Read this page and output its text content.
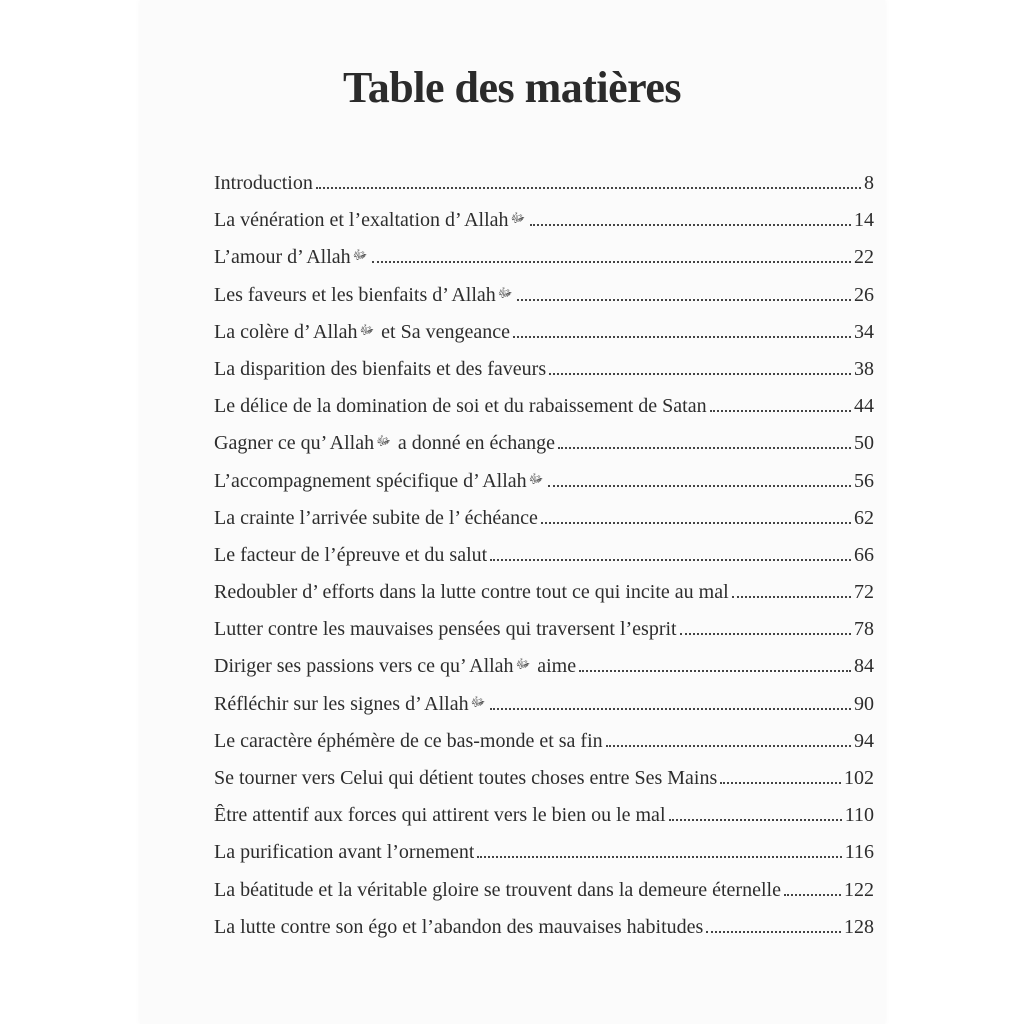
Table des matières
Introduction	8
La vénération et l’exaltation d’ Allah $^ﷻ$	14
L’amour d’ Allah $^ﷻ$	22
Les faveurs et les bienfaits d’ Allah $^ﷻ$	26
La colère d’ Allah $^ﷻ$ et Sa vengeance	34
La disparition des bienfaits et des faveurs	38
Le délice de la domination de soi et du rabaissement de Satan	44
Gagner ce qu’ Allah $^ﷻ$ a donné en échange	50
L’accompagnement spécifique d’ Allah $^ﷻ$	56
La crainte l’arrivée subite de l’ échéance	62
Le facteur de l’épreuve et du salut	66
Redoubler d’ efforts dans la lutte contre tout ce qui incite au mal	72
Lutter contre les mauvaises pensées qui traversent l’esprit	78
Diriger ses passions vers ce qu’ Allah $^ﷻ$ aime	84
Réfléchir sur les signes d’ Allah $^ﷻ$	90
Le caractère éphémère de ce bas-monde et sa fin	94
Se tourner vers Celui qui détient toutes choses entre Ses Mains	102
Être attentif aux forces qui attirent vers le bien ou le mal	110
La purification avant l’ornement	116
La béatitude et la véritable gloire se trouvent dans la demeure éternelle	122
La lutte contre son égo et l’abandon des mauvaises habitudes	128
